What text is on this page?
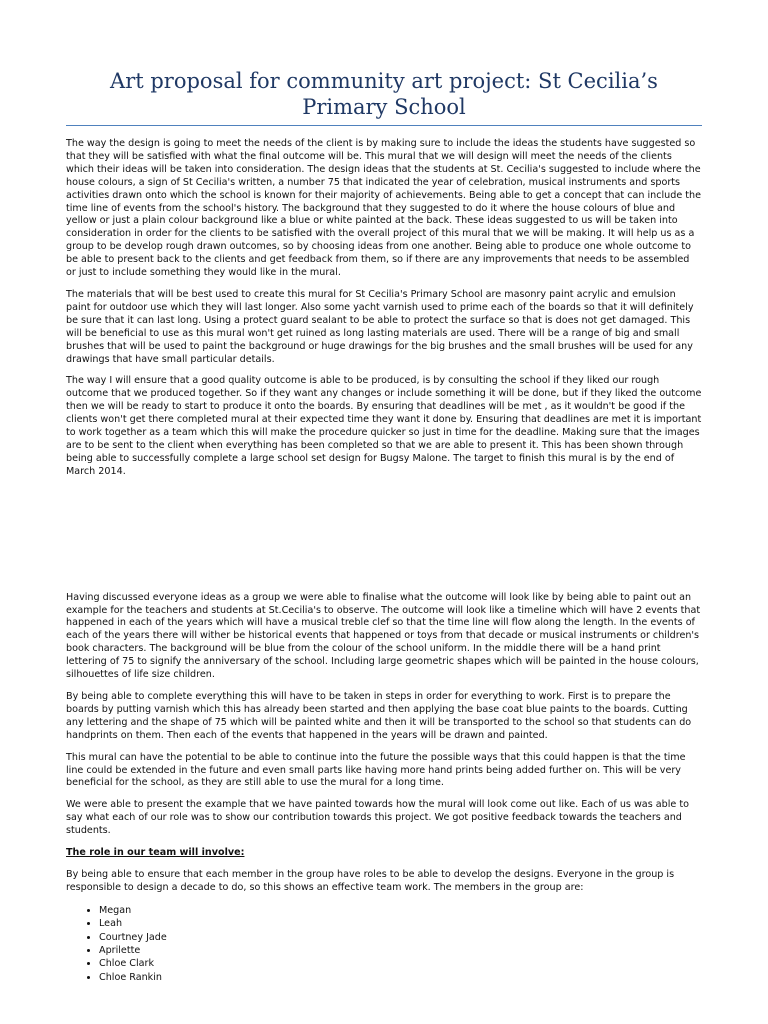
Art proposal for community art project: St Cecilia’s Primary School

The way the design is going to meet the needs of the client is by making sure to include the ideas the students have suggested so that they will be satisfied with what the final outcome will be. This mural that we will design will meet the needs of the clients which their ideas will be taken into consideration. The design ideas that the students at St. Cecilia's suggested to include where the house colours, a sign of St Cecilia's written, a number 75 that indicated the year of celebration, musical instruments and sports activities drawn onto which the school is known for their majority of achievements. Being able to get a concept that can include the time line of events from the school's history. The background that they suggested to do it where the house colours of blue and yellow or just a plain colour background like a blue or white painted at the back. These ideas suggested to us will be taken into consideration in order for the clients to be satisfied with the overall project of this mural that we will be making. It will help us as a group to be develop rough drawn outcomes, so by choosing ideas from one another. Being able to produce one whole outcome to be able to present back to the clients and get feedback from them, so if there are any improvements that needs to be assembled or just to include something they would like in the mural.

The materials that will be best used to create this mural for St Cecilia's Primary School are masonry paint acrylic and emulsion paint for outdoor use which they will last longer. Also some yacht varnish used to prime each of the boards so that it will definitely be sure that it can last long. Using a protect guard sealant to be able to protect the surface so that is does not get damaged. This will be beneficial to use as this mural won't get ruined as long lasting materials are used. There will be a range of big and small brushes that will be used to paint the background or huge drawings for the big brushes and the small brushes will be used for any drawings that have small particular details.

The way I will ensure that a good quality outcome is able to be produced, is by consulting the school if they liked our rough outcome that we produced together. So if they want any changes or include something it will be done, but if they liked the outcome then we will be ready to start to produce it onto the boards. By ensuring that deadlines will be met , as it wouldn't be good if the clients won't get there completed mural at their expected time they want it done by. Ensuring that deadlines are met it is important to work together as a team which this will make the procedure quicker so just in time for the deadline. Making sure that the images are to be sent to the client when everything has been completed so that we are able to present it. This has been shown through being able to successfully complete a large school set design for Bugsy Malone. The target to finish this mural is by the end of March 2014.

Having discussed everyone ideas as a group we were able to finalise what the outcome will look like by being able to paint out an example for the teachers and students at St.Cecilia's to observe. The outcome will look like a timeline which will have 2 events that happened in each of the years which will have a musical treble clef so that the time line will flow along the length. In the events of each of the years there will wither be historical events that happened or toys from that decade or musical instruments or children's book characters. The background will be blue from the colour of the school uniform. In the middle there will be a hand print lettering of 75 to signify the anniversary of the school. Including large geometric shapes which will be painted in the house colours, silhouettes of life size children.

By being able to complete everything this will have to be taken in steps in order for everything to work. First is to prepare the boards by putting varnish which this has already been started and then applying the base coat blue paints to the boards. Cutting any lettering and the shape of 75 which will be painted white and then it will be transported to the school so that students can do handprints on them. Then each of the events that happened in the years will be drawn and painted.

This mural can have the potential to be able to continue into the future the possible ways that this could happen is that the time line could be extended in the future and even small parts like having more hand prints being added further on. This will be very beneficial for the school, as they are still able to use the mural for a long time.

We were able to present the example that we have painted towards how the mural will look come out like. Each of us was able to say what each of our role was to show our contribution towards this project. We got positive feedback towards the teachers and students.

The role in our team will involve:

By being able to ensure that each member in the group have roles to be able to develop the designs. Everyone in the group is responsible to design a decade to do, so this shows an effective team work. The members in the group are:

• Megan
• Leah
• Courtney Jade
• Aprilette
• Chloe Clark
• Chloe Rankin
